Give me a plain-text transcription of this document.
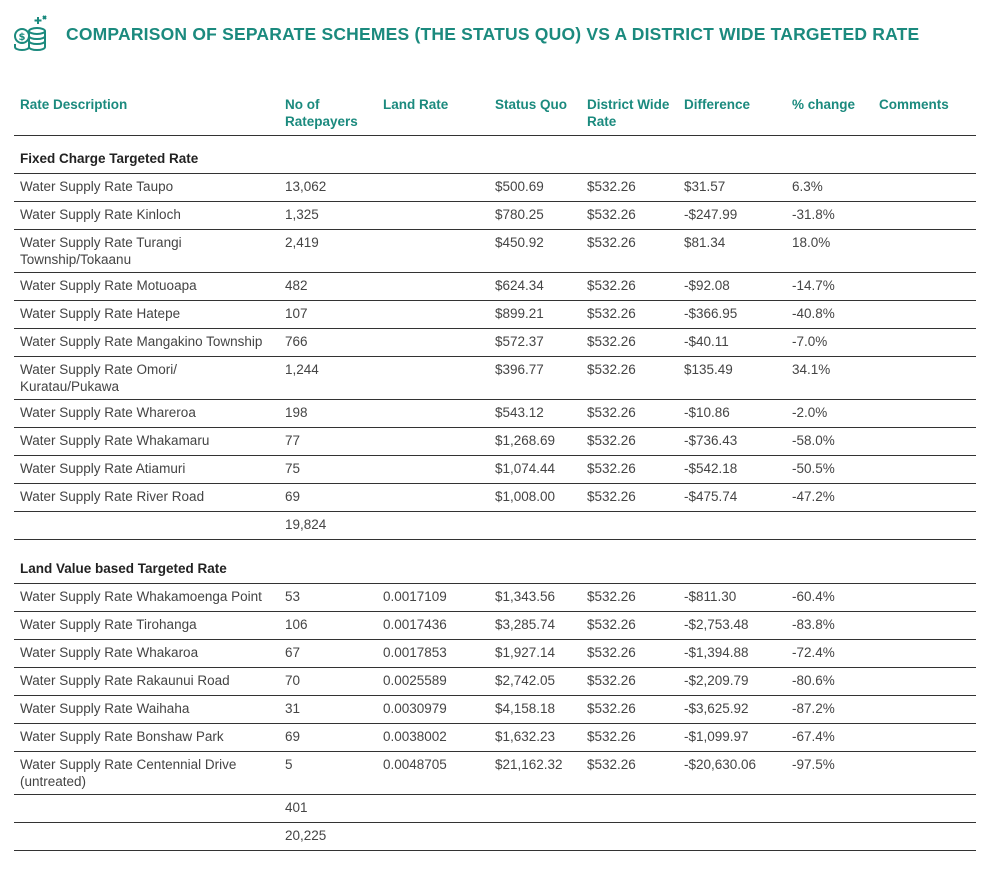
$ COMPARISON OF SEPARATE SCHEMES (THE STATUS QUO) VS A DISTRICT WIDE TARGETED RATE
Rate Description	No of Ratepayers	Land Rate	Status Quo	District Wide Rate	Difference	% change	Comments
Fixed Charge Targeted Rate							
Water Supply Rate Taupo	13,062		$500.69	$532.26	$31.57	6.3%	
Water Supply Rate Kinloch	1,325		$780.25	$532.26	-$247.99	-31.8%	
Water Supply Rate Turangi Township/Tokaanu	2,419		$450.92	$532.26	$81.34	18.0%	
Water Supply Rate Motuoapa	482		$624.34	$532.26	-$92.08	-14.7%	
Water Supply Rate Hatepe	107		$899.21	$532.26	-$366.95	-40.8%	
Water Supply Rate Mangakino Township	766		$572.37	$532.26	-$40.11	-7.0%	
Water Supply Rate Omori/ Kuratau/Pukawa	1,244		$396.77	$532.26	$135.49	34.1%	
Water Supply Rate Whareroa	198		$543.12	$532.26	-$10.86	-2.0%	
Water Supply Rate Whakamaru	77		$1,268.69	$532.26	-$736.43	-58.0%	
Water Supply Rate Atiamuri	75		$1,074.44	$532.26	-$542.18	-50.5%	
Water Supply Rate River Road	69		$1,008.00	$532.26	-$475.74	-47.2%	
	19,824						
Land Value based Targeted Rate							
Water Supply Rate Whakamoenga Point	53	0.0017109	$1,343.56	$532.26	-$811.30	-60.4%	
Water Supply Rate Tirohanga	106	0.0017436	$3,285.74	$532.26	-$2,753.48	-83.8%	
Water Supply Rate Whakaroa	67	0.0017853	$1,927.14	$532.26	-$1,394.88	-72.4%	
Water Supply Rate Rakaunui Road	70	0.0025589	$2,742.05	$532.26	-$2,209.79	-80.6%	
Water Supply Rate Waihaha	31	0.0030979	$4,158.18	$532.26	-$3,625.92	-87.2%	
Water Supply Rate Bonshaw Park	69	0.0038002	$1,632.23	$532.26	-$1,099.97	-67.4%	
Water Supply Rate Centennial Drive (untreated)	5	0.0048705	$21,162.32	$532.26	-$20,630.06	-97.5%	
	401						
	20,225						
